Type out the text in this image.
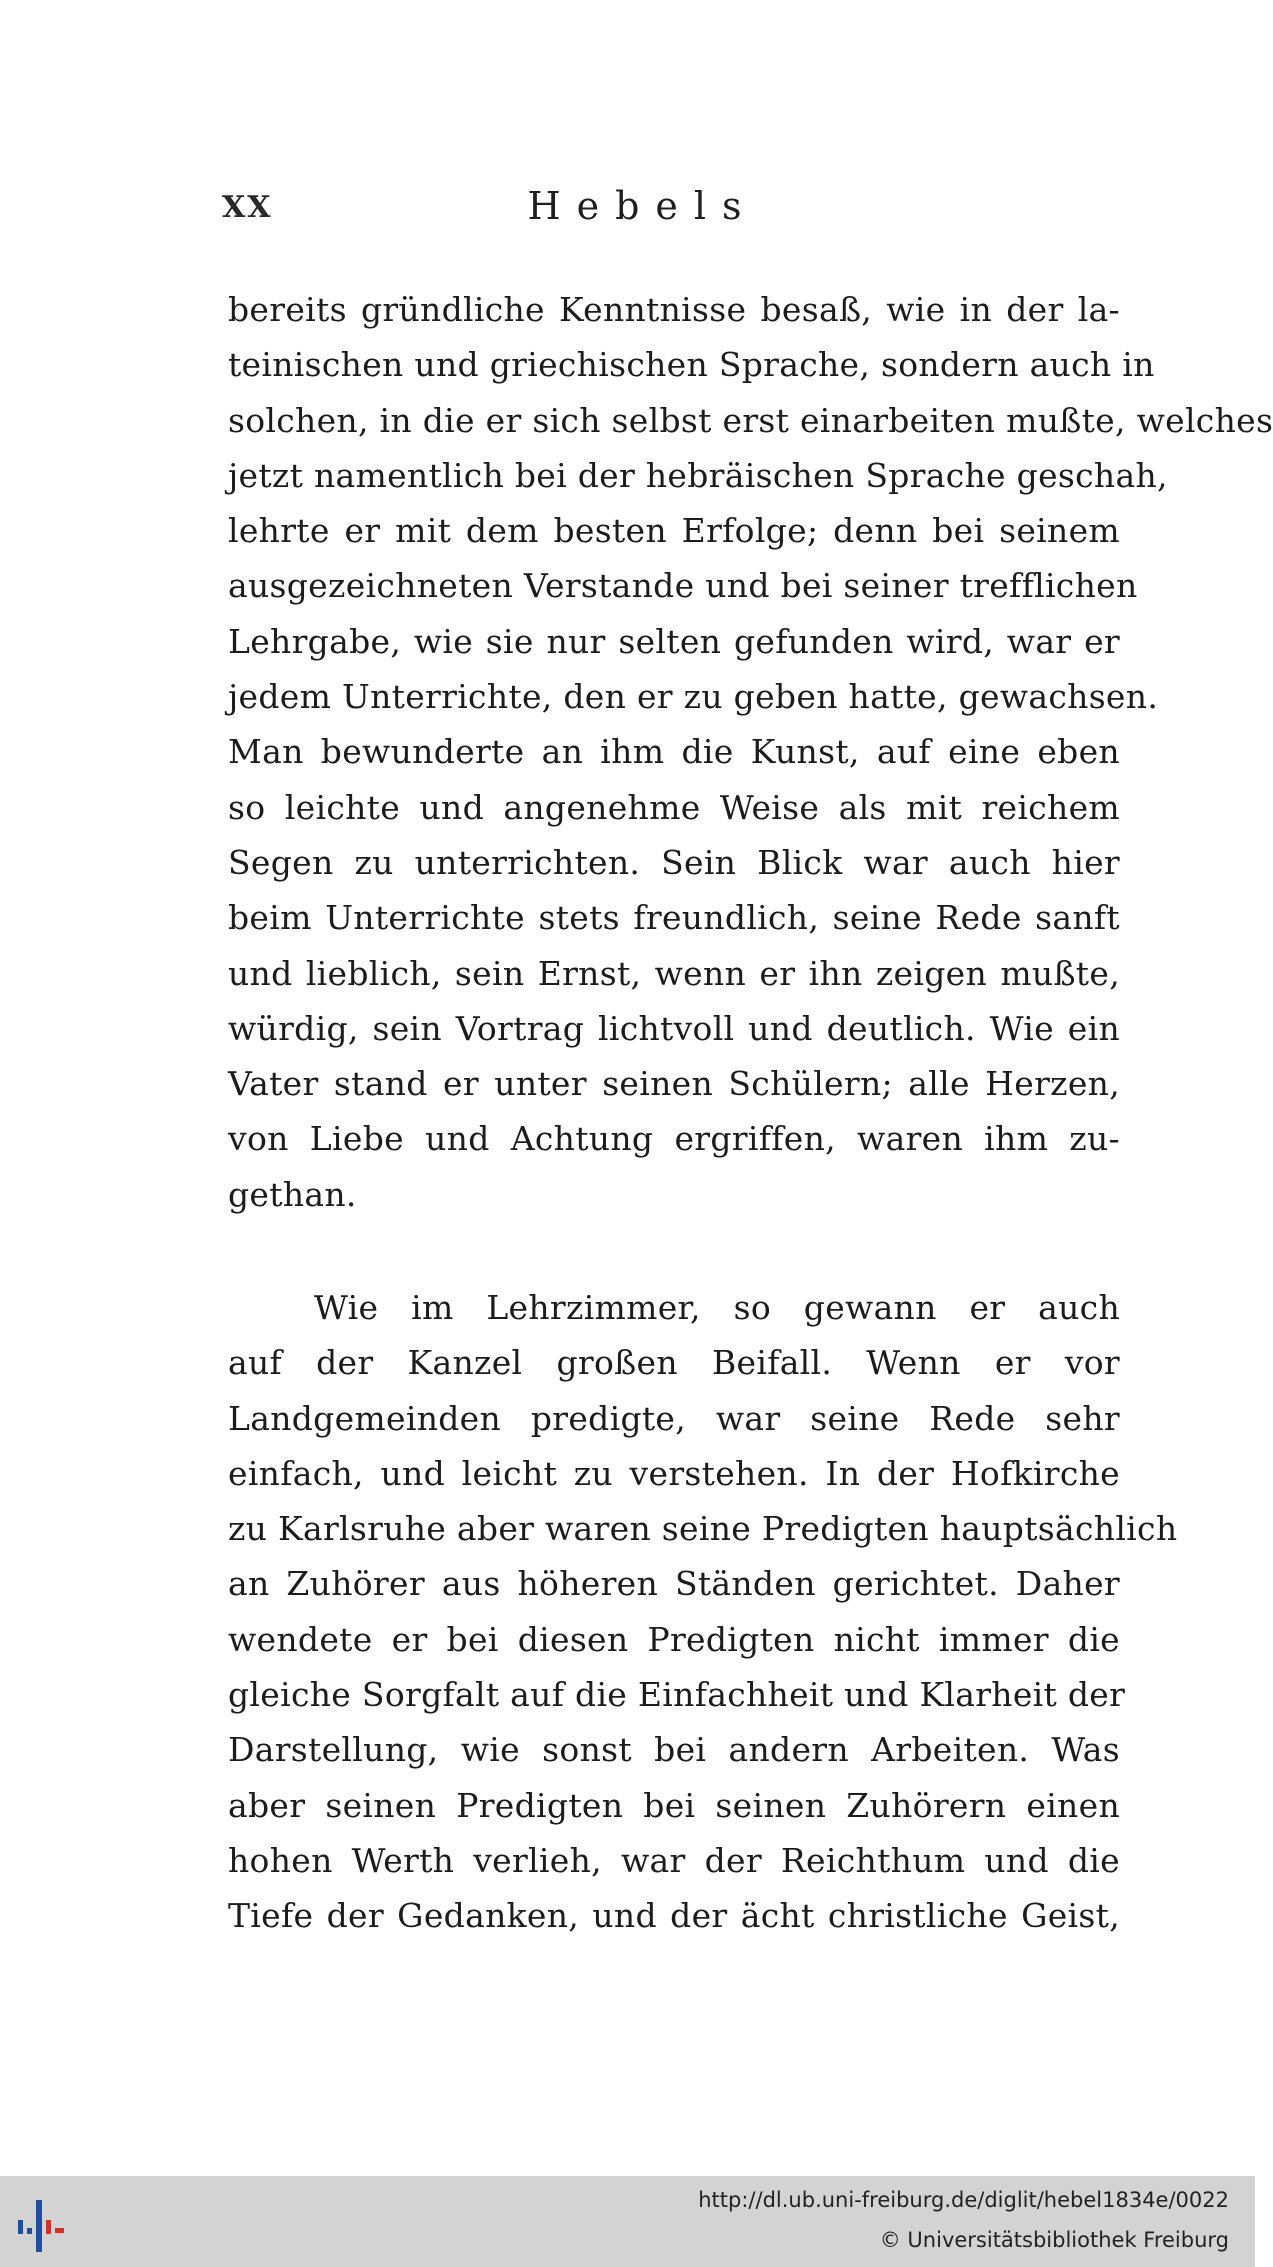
XX	Hebels
bereits gründliche Kenntnisse besaß, wie in der la-
teinischen und griechischen Sprache, sondern auch in
solchen, in die er sich selbst erst einarbeiten mußte, welches
jetzt namentlich bei der hebräischen Sprache geschah,
lehrte er mit dem besten Erfolge; denn bei seinem
ausgezeichneten Verstande und bei seiner trefflichen
Lehrgabe, wie sie nur selten gefunden wird, war er
jedem Unterrichte, den er zu geben hatte, gewachsen.
Man bewunderte an ihm die Kunst, auf eine eben
so leichte und angenehme Weise als mit reichem
Segen zu unterrichten. Sein Blick war auch hier
beim Unterrichte stets freundlich, seine Rede sanft
und lieblich, sein Ernst, wenn er ihn zeigen mußte,
würdig, sein Vortrag lichtvoll und deutlich. Wie ein
Vater stand er unter seinen Schülern; alle Herzen,
von Liebe und Achtung ergriffen, waren ihm zu-
gethan.
Wie im Lehrzimmer, so gewann er auch
auf der Kanzel großen Beifall. Wenn er vor
Landgemeinden predigte, war seine Rede sehr
einfach, und leicht zu verstehen. In der Hofkirche
zu Karlsruhe aber waren seine Predigten hauptsächlich
an Zuhörer aus höheren Ständen gerichtet. Daher
wendete er bei diesen Predigten nicht immer die
gleiche Sorgfalt auf die Einfachheit und Klarheit der
Darstellung, wie sonst bei andern Arbeiten. Was
aber seinen Predigten bei seinen Zuhörern einen
hohen Werth verlieh, war der Reichthum und die
Tiefe der Gedanken, und der ächt christliche Geist,
http://dl.ub.uni-freiburg.de/diglit/hebel1834e/0022
© Universitätsbibliothek Freiburg
